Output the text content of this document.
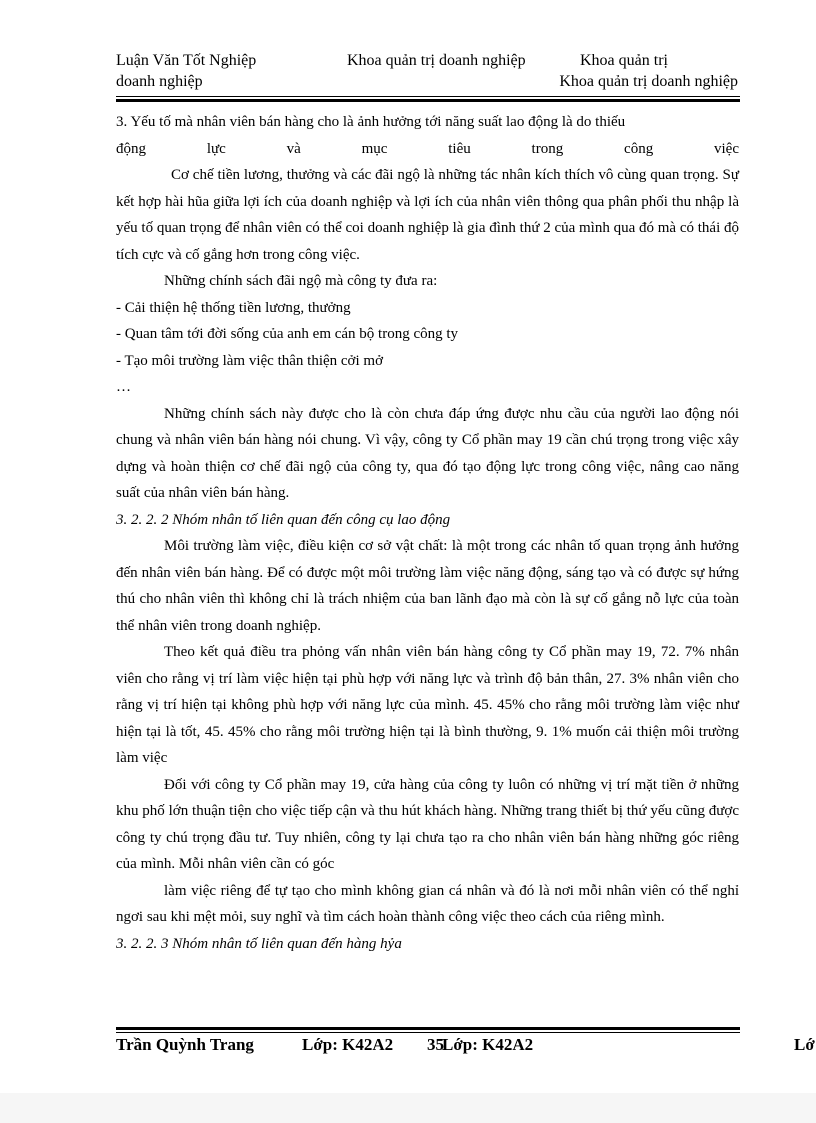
Luận Văn Tốt Nghiệp	Khoa quản trị doanh nghiệp	Khoa quản trị
doanh nghiệp	Khoa quản trị doanh nghiệp

3. Yếu tố mà nhân viên bán hàng cho là ảnh hưởng tới năng suất lao động là do thiếu

động lực và mục tiêu trong công việc

Cơ chế tiền lương, thưởng và các đãi ngộ là những tác nhân kích thích vô cùng quan trọng. Sự kết hợp hài hũa giữa lợi ích của doanh nghiệp và lợi ích của nhân viên thông qua phân phối thu nhập là yếu tố quan trọng để nhân viên có thể coi doanh nghiệp là gia đình thứ 2 của mình qua đó mà có thái độ tích cực và cố gắng hơn trong công việc.

Những chính sách đãi ngộ mà công ty đưa ra:

- Cải thiện hệ thống tiền lương, thưởng

- Quan tâm tới đời sống của anh em cán bộ trong công ty

- Tạo môi trường làm việc thân thiện cởi mở

…

Những chính sách này được cho là còn chưa đáp ứng được nhu cầu của người lao động nói chung và nhân viên bán hàng nói chung. Vì vậy, công ty Cổ phần may 19 cần chú trọng trong việc xây dựng và hoàn thiện cơ chế đãi ngộ của công ty, qua đó tạo động lực trong công việc, nâng cao năng suất của nhân viên bán hàng.

3. 2. 2. 2 Nhóm nhân tố liên quan đến công cụ lao động

Môi trường làm việc, điều kiện cơ sở vật chất: là một trong các nhân tố quan trọng ảnh hưởng đến nhân viên bán hàng. Để có được một môi trường làm việc năng động, sáng tạo và có được sự hứng thú cho nhân viên thì không chỉ là trách nhiệm của ban lãnh đạo mà còn là sự cố gắng nỗ lực của toàn thể nhân viên trong doanh nghiệp.

Theo kết quả điều tra phỏng vấn nhân viên bán hàng công ty Cổ phần may 19, 72. 7% nhân viên cho rằng vị trí làm việc hiện tại phù hợp với năng lực và trình độ bản thân, 27. 3% nhân viên cho rằng vị trí hiện tại không phù hợp với năng lực của mình. 45. 45% cho rằng môi trường làm việc như hiện tại là tốt, 45. 45% cho rằng môi trường hiện tại là bình thường, 9. 1% muốn cải thiện môi trường làm việc

Đối với công ty Cổ phần may 19, cửa hàng của công ty luôn có những vị trí mặt tiền ở những khu phố lớn thuận tiện cho việc tiếp cận và thu hút khách hàng. Những trang thiết bị thứ yếu cũng được công ty chú trọng đầu tư. Tuy nhiên, công ty lại chưa tạo ra cho nhân viên bán hàng những góc riêng của mình. Mỗi nhân viên cần có góc

làm việc riêng để tự tạo cho mình không gian cá nhân và đó là nơi mỗi nhân viên có thể nghỉ ngơi sau khi mệt mỏi, suy nghĩ và tìm cách hoàn thành công việc theo cách của riêng mình.

3. 2. 2. 3 Nhóm nhân tố liên quan đến hàng hỷa

Trần Quỳnh Trang	Lớp: K42A2 35
Lớp: K42A2	Lớ
